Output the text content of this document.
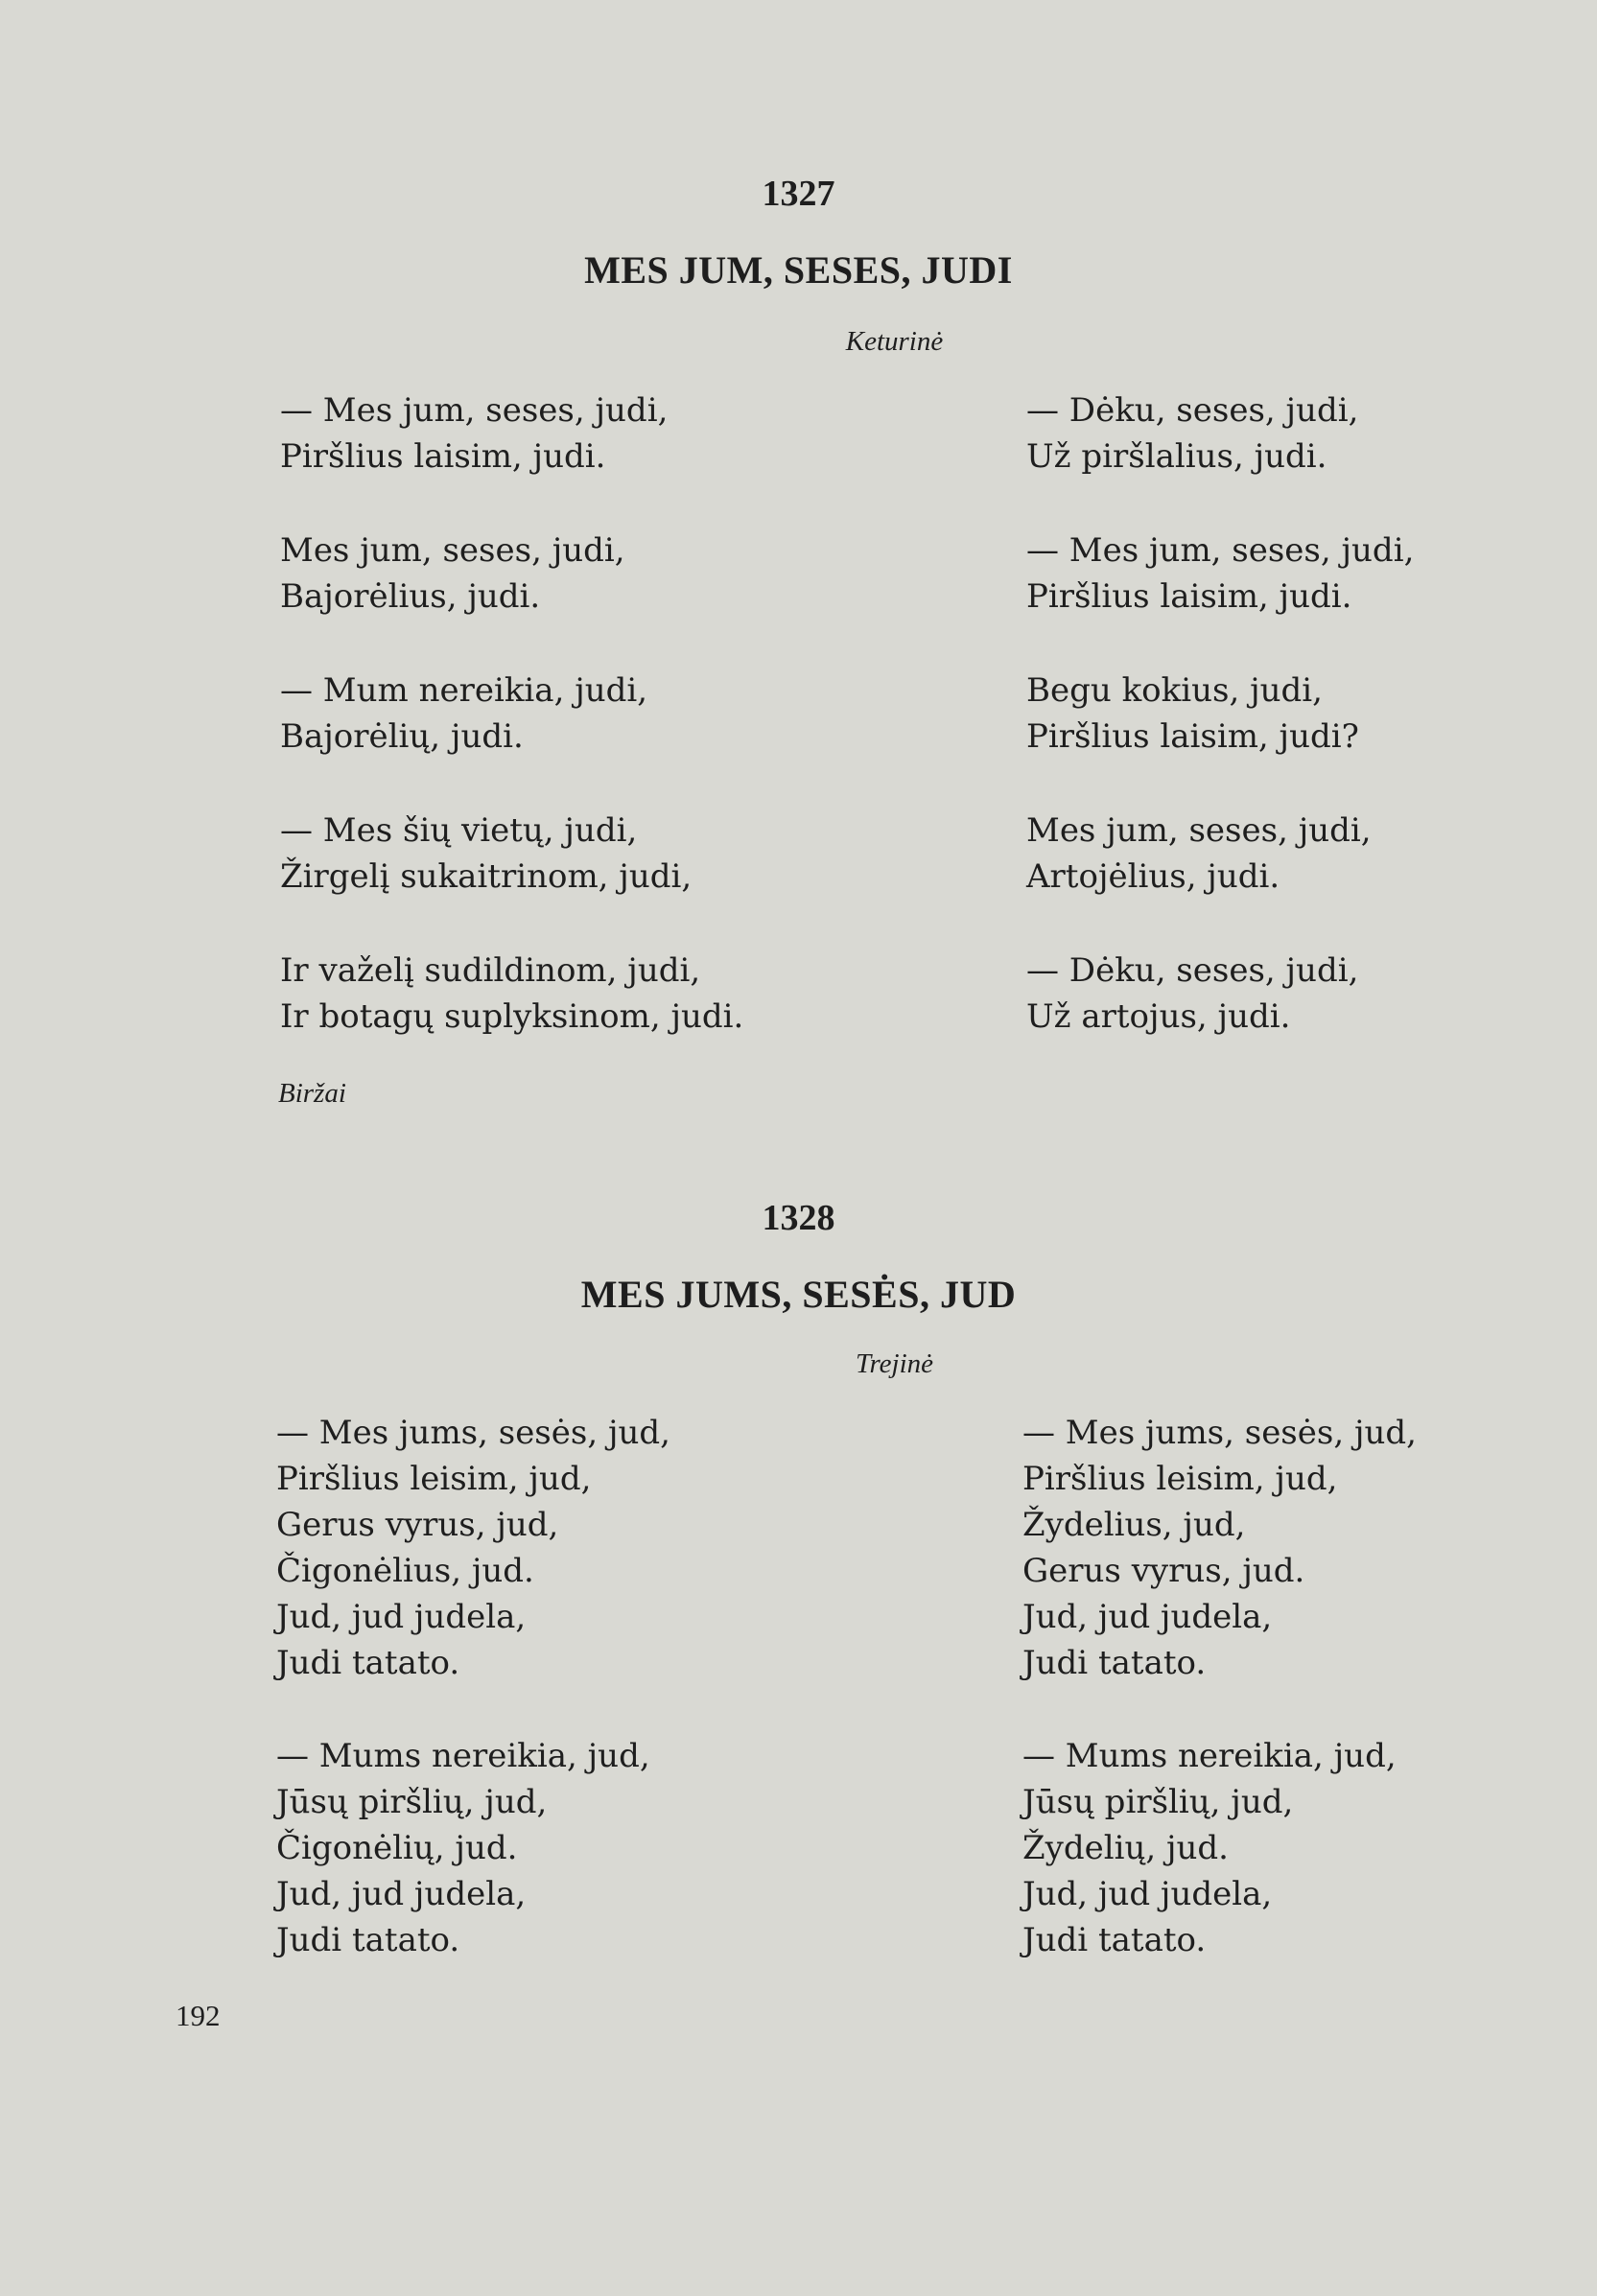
1327
MES JUM, SESES, JUDI
Keturinė
— Mes jum, seses, judi,
Piršlius laisim, judi.
Mes jum, seses, judi,
Bajorėlius, judi.
— Mum nereikia, judi,
Bajorėlių, judi.
— Mes šių vietų, judi,
Žirgelį sukaitrinom, judi,
Ir važelį sudildinom, judi,
Ir botagų suplyksinom, judi.
— Dėku, seses, judi,
Už piršlalius, judi.
— Mes jum, seses, judi,
Piršlius laisim, judi.
Begu kokius, judi,
Piršlius laisim, judi?
Mes jum, seses, judi,
Artojėlius, judi.
— Dėku, seses, judi,
Už artojus, judi.
Biržai
1328
MES JUMS, SESĖS, JUD
Trejinė
— Mes jums, sesės, jud,
Piršlius leisim, jud,
Gerus vyrus, jud,
Čigonėlius, jud.
Jud, jud judela,
Judi tatato.
— Mums nereikia, jud,
Jūsų piršlių, jud,
Čigonėlių, jud.
Jud, jud judela,
Judi tatato.
— Mes jums, sesės, jud,
Piršlius leisim, jud,
Žydelius, jud,
Gerus vyrus, jud.
Jud, jud judela,
Judi tatato.
— Mums nereikia, jud,
Jūsų piršlių, jud,
Žydelių, jud.
Jud, jud judela,
Judi tatato.
192
